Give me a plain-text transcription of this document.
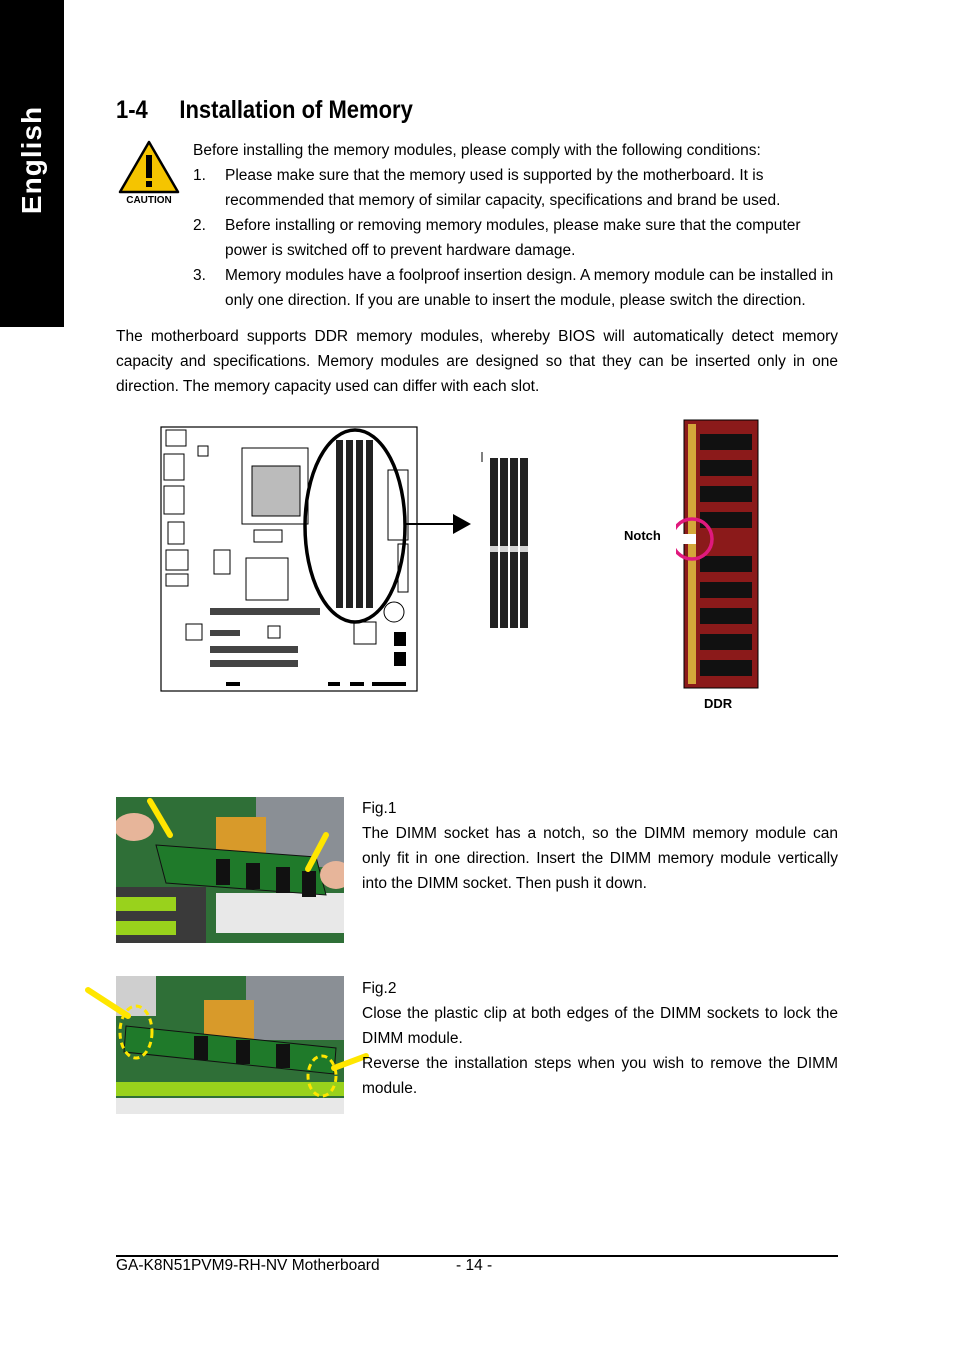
English	1-4 Installation of Memory
CAUTION
Before installing the memory modules, please comply with the following conditions:
1. Please make sure that the memory used is supported by the motherboard. It is recommended that memory of similar capacity, specifications and brand be used.
2. Before installing or removing memory modules, please make sure that the computer power is switched off to prevent hardware damage.
3. Memory modules have a foolproof insertion design. A memory module can be installed in only one direction. If you are unable to insert the module, please switch the direction.
The motherboard supports DDR memory modules, whereby BIOS will automatically detect memory capacity and specifications. Memory modules are designed so that they can be inserted only in one direction. The memory capacity used can differ with each slot.
Notch
DDR
Fig.1
The DIMM socket has a notch, so the DIMM memory module can only fit in one direction. Insert the DIMM memory module vertically into the DIMM socket. Then push it down.
Fig.2
Close the plastic clip at both edges of the DIMM sockets to lock the DIMM module.
Reverse the installation steps when you wish to remove the DIMM module.
GA-K8N51PVM9-RH-NV Motherboard	- 14 -
